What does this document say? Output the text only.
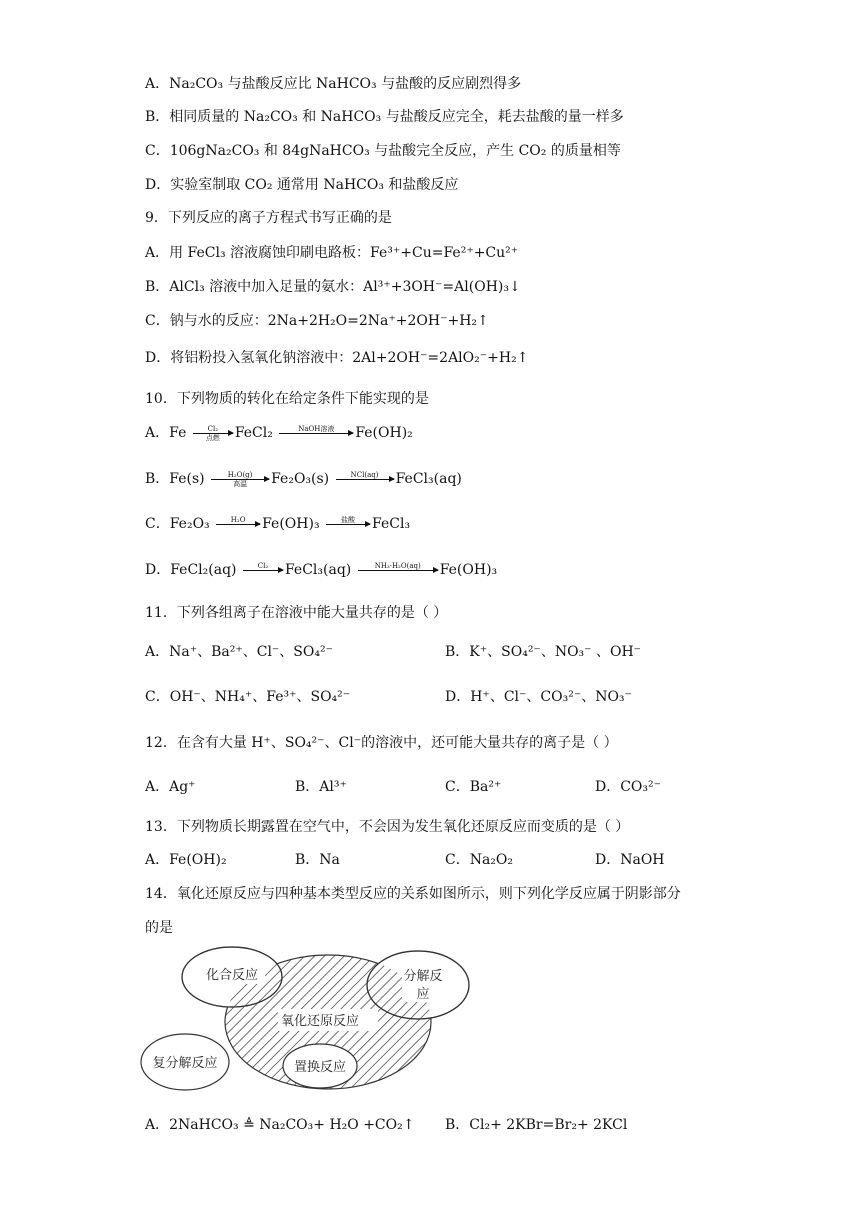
A．Na₂CO₃ 与盐酸反应比 NaHCO₃ 与盐酸的反应剧烈得多
B．相同质量的 Na₂CO₃ 和 NaHCO₃ 与盐酸反应完全，耗去盐酸的量一样多
C．106gNa₂CO₃ 和 84gNaHCO₃ 与盐酸完全反应，产生 CO₂ 的质量相等
D．实验室制取 CO₂ 通常用 NaHCO₃ 和盐酸反应
9．下列反应的离子方程式书写正确的是
A．用 FeCl₃ 溶液腐蚀印刷电路板：Fe³⁺+Cu=Fe²⁺+Cu²⁺
B．AlCl₃ 溶液中加入足量的氨水：Al³⁺+3OH⁻=Al(OH)₃↓
C．钠与水的反应：2Na+2H₂O=2Na⁺+2OH⁻+H₂↑
D．将铝粉投入氢氧化钠溶液中：2Al+2OH⁻=2AlO₂⁻+H₂↑
10．下列物质的转化在给定条件下能实现的是
A．Fe	Cl₂
点燃	FeCl₂	NaOH溶液	Fe(OH)₂
B．Fe(s)	H₂O(g)
高温	Fe₂O₃(s)	NCl(aq)	FeCl₃(aq)
C．Fe₂O₃	H₂O	Fe(OH)₃	盐酸	FeCl₃
D．FeCl₂(aq)	Cl₂	FeCl₃(aq)	NH₃·H₂O(aq)	Fe(OH)₃
11．下列各组离子在溶液中能大量共存的是（ ）
A．Na⁺、Ba²⁺、Cl⁻、SO₄²⁻	B．K⁺、SO₄²⁻、NO₃⁻ 、OH⁻
C．OH⁻、NH₄⁺、Fe³⁺、SO₄²⁻	D．H⁺、Cl⁻、CO₃²⁻、NO₃⁻
12．在含有大量 H⁺、SO₄²⁻、Cl⁻的溶液中，还可能大量共存的离子是（ ）
A．Ag⁺	B．Al³⁺	C．Ba²⁺	D．CO₃²⁻
13．下列物质长期露置在空气中，不会因为发生氧化还原反应而变质的是（ ）
A．Fe(OH)₂	B．Na	C．Na₂O₂	D．NaOH
14．氧化还原反应与四种基本类型反应的关系如图所示，则下列化学反应属于阴影部分
的是
化合反应	分解反
应
氧化还原反应
复分解反应	置换反应
A．2NaHCO₃ ≜ Na₂CO₃+ H₂O +CO₂↑ B．Cl₂+ 2KBr=Br₂+ 2KCl
